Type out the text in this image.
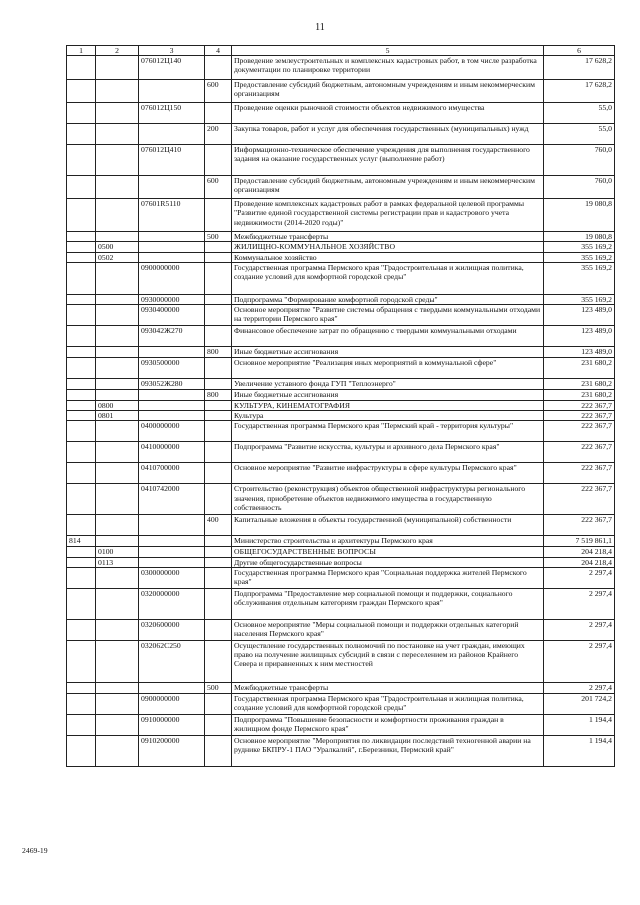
11
1	2	3	4	5	6
		076012Ц140		Проведение землеустроительных и комплексных кадастровых работ, в том числе разработка документации по планировке территории	17 628,2
			600	Предоставление субсидий бюджетным, автономным учреждениям и иным некоммерческим организациям	17 628,2
		076012Ц150		Проведение оценки рыночной стоимости объектов недвижимого имущества	55,0
			200	Закупка товаров, работ и услуг для обеспечения государственных (муниципальных) нужд	55,0
		076012Ц410		Информационно-техническое обеспечение учреждения для выполнения государственного задания на оказание государственных услуг (выполнение работ)	760,0
			600	Предоставление субсидий бюджетным, автономным учреждениям и иным некоммерческим организациям	760,0
		07601R5110		Проведение комплексных кадастровых работ в рамках федеральной целевой программы "Развитие единой государственной системы регистрации прав и кадастрового учета недвижимости (2014-2020 годы)"	19 080,8
			500	Межбюджетные трансферты	19 080,8
	0500			ЖИЛИЩНО-КОММУНАЛЬНОЕ ХОЗЯЙСТВО	355 169,2
	0502			Коммунальное хозяйство	355 169,2
		0900000000		Государственная программа Пермского края "Градостроительная и жилищная политика, создание условий для комфортной городской среды"	355 169,2
		0930000000		Подпрограмма "Формирование комфортной городской среды"	355 169,2
		0930400000		Основное мероприятие "Развитие системы обращения с твердыми коммунальными отходами на территории Пермского края"	123 489,0
		093042Ж270		Финансовое обеспечение затрат по обращению с твердыми коммунальными отходами	123 489,0
			800	Иные бюджетные ассигнования	123 489,0
		0930500000		Основное мероприятие "Реализация иных мероприятий в коммунальной сфере"	231 680,2
		093052Ж280		Увеличение уставного фонда ГУП "Теплоэнерго"	231 680,2
			800	Иные бюджетные ассигнования	231 680,2
	0800			КУЛЬТУРА, КИНЕМАТОГРАФИЯ	222 367,7
	0801			Культура	222 367,7
		0400000000		Государственная программа Пермского края "Пермский край - территория культуры"	222 367,7
		0410000000		Подпрограмма "Развитие искусства, культуры и архивного дела Пермского края"	222 367,7
		0410700000		Основное мероприятие "Развитие инфраструктуры в сфере культуры Пермского края"	222 367,7
		0410742000		Строительство (реконструкция) объектов общественной инфраструктуры регионального значения, приобретение объектов недвижимого имущества в государственную собственность	222 367,7
			400	Капитальные вложения в объекты государственной (муниципальной) собственности	222 367,7
814				Министерство строительства и архитектуры Пермского края	7 519 861,1
	0100			ОБЩЕГОСУДАРСТВЕННЫЕ ВОПРОСЫ	204 218,4
	0113			Другие общегосударственные вопросы	204 218,4
		0300000000		Государственная программа Пермского края "Социальная поддержка жителей Пермского края"	2 297,4
		0320000000		Подпрограмма "Предоставление мер социальной помощи и поддержки, социального обслуживания отдельным категориям граждан Пермского края"	2 297,4
		0320600000		Основное мероприятие "Меры социальной помощи и поддержки отдельных категорий населения Пермского края"	2 297,4
		032062С250		Осуществление государственных полномочий по постановке на учет граждан, имеющих право на получение жилищных субсидий в связи с переселением из районов Крайнего Севера и приравненных к ним местностей	2 297,4
			500	Межбюджетные трансферты	2 297,4
		0900000000		Государственная программа Пермского края "Градостроительная и жилищная политика, создание условий для комфортной городской среды"	201 724,2
		0910000000		Подпрограмма "Повышение безопасности и комфортности проживания граждан в жилищном фонде Пермского края"	1 194,4
		0910200000		Основное мероприятие "Мероприятия по ликвидации последствий техногенной аварии на руднике БКПРУ-1 ПАО "Уралкалий", г.Березники, Пермский край"	1 194,4
2469-19
